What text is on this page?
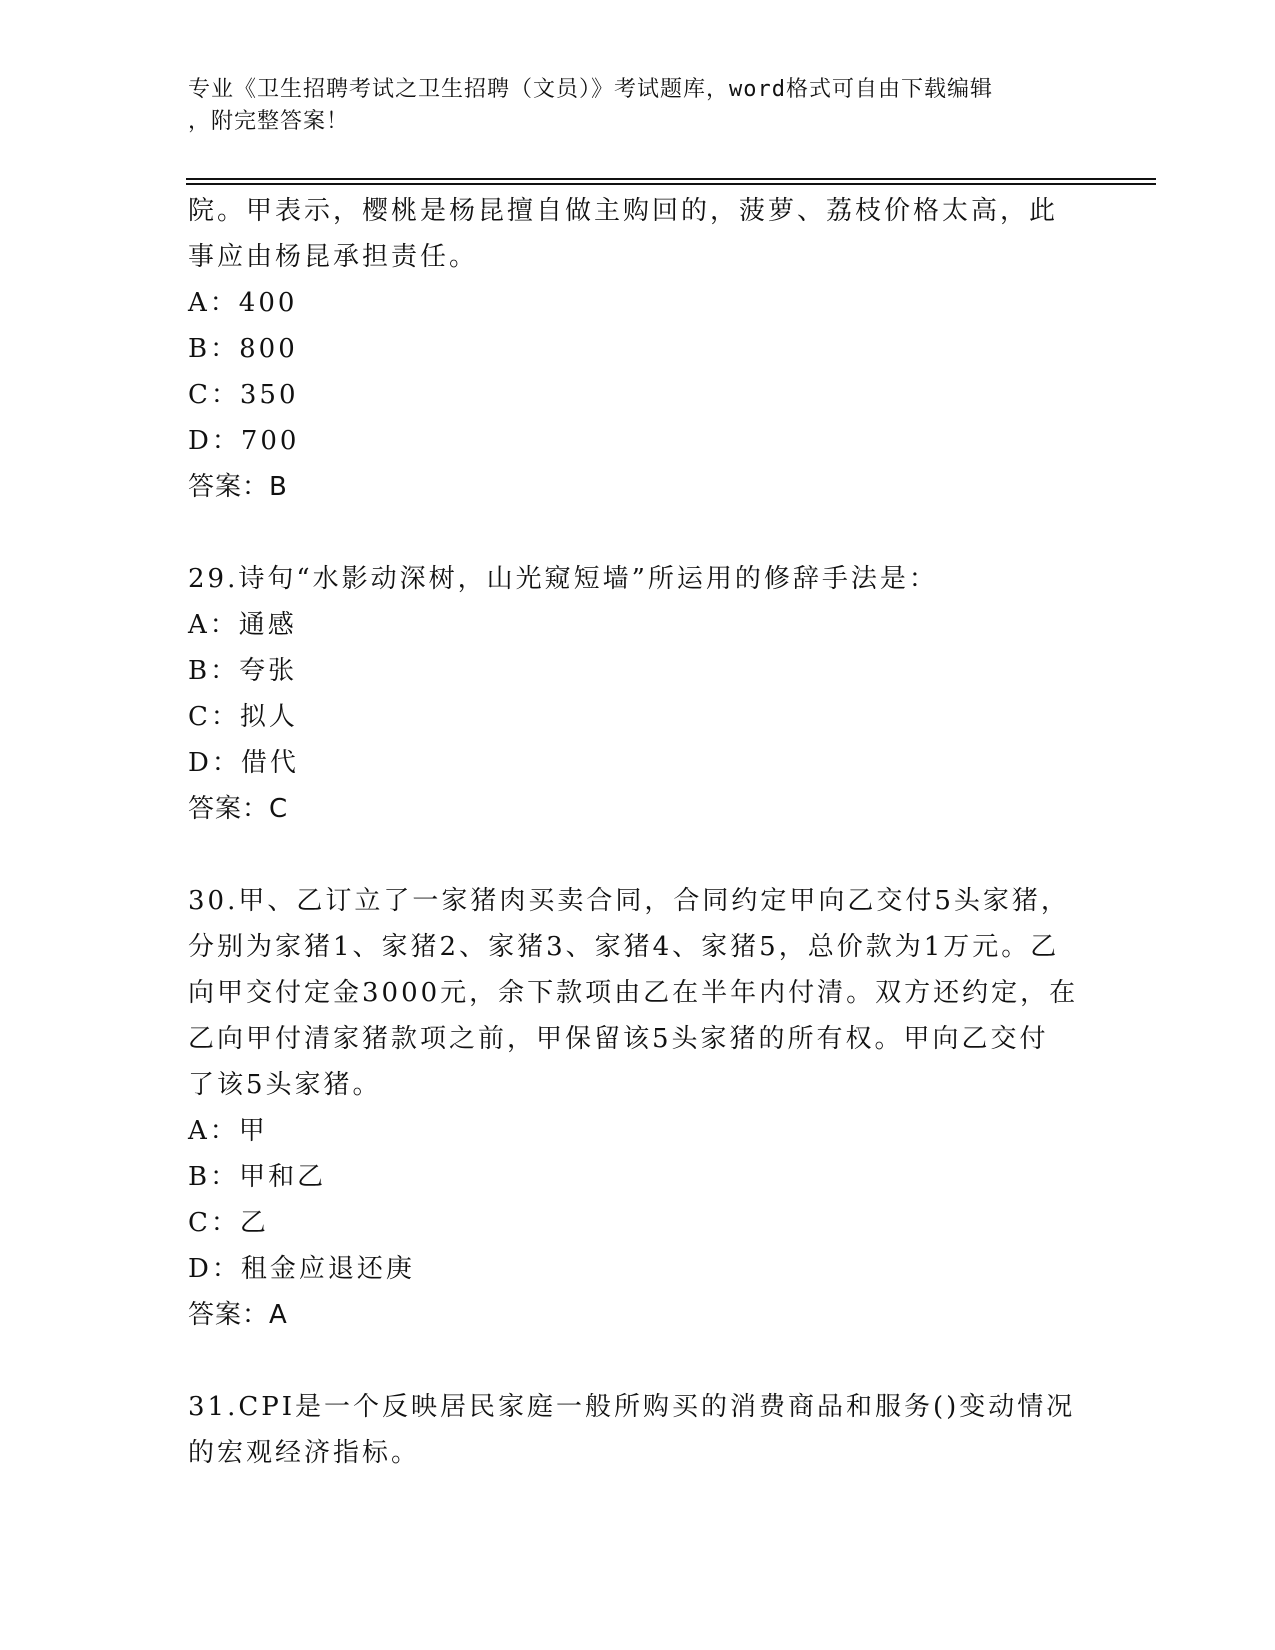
专业《卫生招聘考试之卫生招聘（文员）》考试题库，word格式可自由下载编辑
，附完整答案！
院。甲表示，樱桃是杨昆擅自做主购回的，菠萝、荔枝价格太高，此
事应由杨昆承担责任。
A：400
B：800
C：350
D：700
答案：B
29.诗句“水影动深树，山光窥短墙”所运用的修辞手法是：
A：通感
B：夸张
C：拟人
D：借代
答案：C
30.甲、乙订立了一家猪肉买卖合同，合同约定甲向乙交付5头家猪，
分别为家猪1、家猪2、家猪3、家猪4、家猪5，总价款为1万元。乙
向甲交付定金3000元，余下款项由乙在半年内付清。双方还约定，在
乙向甲付清家猪款项之前，甲保留该5头家猪的所有权。甲向乙交付
了该5头家猪。
A：甲
B：甲和乙
C：乙
D：租金应退还庚
答案：A
31.CPI是一个反映居民家庭一般所购买的消费商品和服务()变动情况
的宏观经济指标。
